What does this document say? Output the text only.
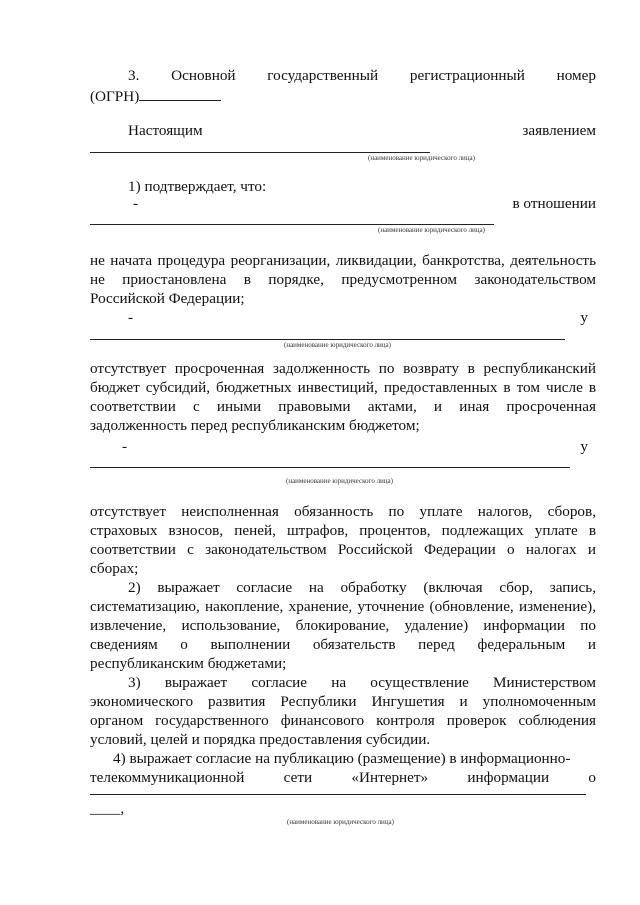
3. Основной государственный регистрационный номер
(ОГРН)
Настоящим	заявлением
(наименование юридического лица)
1) подтверждает, что:
-	в отношении
(наименование юридического лица)
не начата процедура реорганизации, ликвидации, банкротства, деятельность
не приостановлена в порядке, предусмотренном законодательством
Российской Федерации;
-	у
(наименование юридического лица)
отсутствует просроченная задолженность по возврату в республиканский
бюджет субсидий, бюджетных инвестиций, предоставленных в том числе в
соответствии с иными правовыми актами, и иная просроченная
задолженность перед республиканским бюджетом;
-	у
(наименование юридического лица)
отсутствует неисполненная обязанность по уплате налогов, сборов,
страховых взносов, пеней, штрафов, процентов, подлежащих уплате в
соответствии с законодательством Российской Федерации о налогах и
сборах;
2) выражает согласие на обработку (включая сбор, запись,
систематизацию, накопление, хранение, уточнение (обновление, изменение),
извлечение, использование, блокирование, удаление) информации по
сведениям о выполнении обязательств перед федеральным и
республиканским бюджетами;
3) выражает согласие на осуществление Министерством
экономического развития Республики Ингушетия и уполномоченным
органом государственного финансового контроля проверок соблюдения
условий, целей и порядка предоставления субсидии.
4) выражает согласие на публикацию (размещение) в информационно-
телекоммуникационной сети «Интернет» информации о
____,
(наименование юридического лица)
